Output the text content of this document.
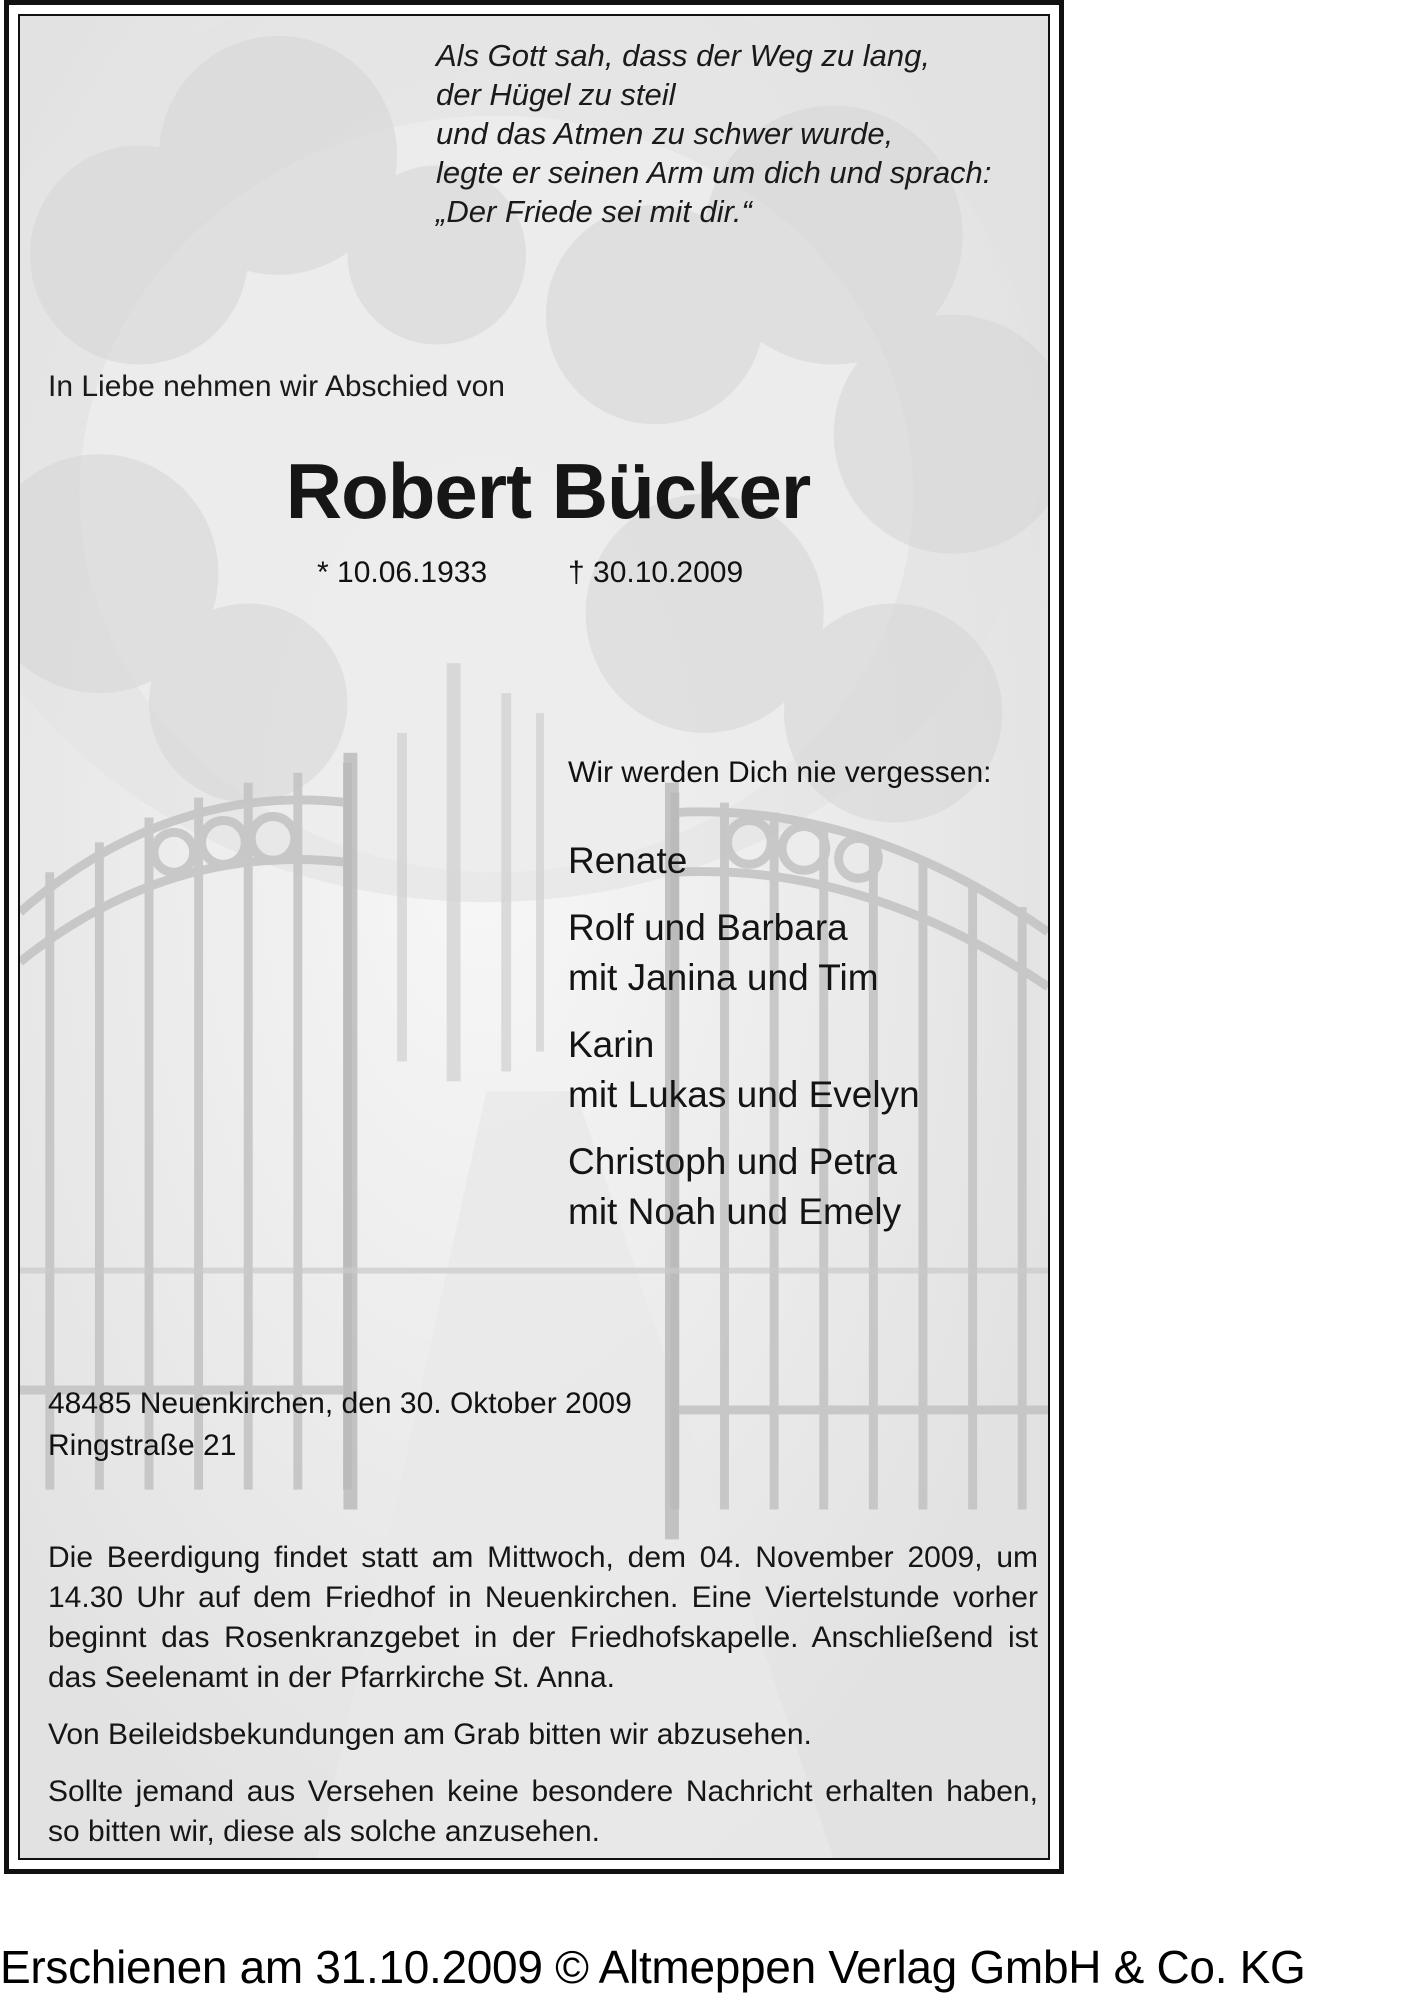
Als Gott sah, dass der Weg zu lang,
der Hügel zu steil
und das Atmen zu schwer wurde,
legte er seinen Arm um dich und sprach:
„Der Friede sei mit dir.“

In Liebe nehmen wir Abschied von

Robert Bücker

* 10.06.1933	† 30.10.2009

Wir werden Dich nie vergessen:

Renate
Rolf und Barbara
mit Janina und Tim
Karin
mit Lukas und Evelyn
Christoph und Petra
mit Noah und Emely
48485 Neuenkirchen, den 30. Oktober 2009
Ringstraße 21

Die Beerdigung findet statt am Mittwoch, dem 04. November 2009, um 14.30 Uhr auf dem Friedhof in Neuenkirchen. Eine Viertelstunde vorher beginnt das Rosenkranzgebet in der Friedhofskapelle. Anschließend ist das Seelenamt in der Pfarrkirche St. Anna.

Von Beileidsbekundungen am Grab bitten wir abzusehen.

Sollte jemand aus Versehen keine besondere Nachricht erhalten haben, so bitten wir, diese als solche anzusehen.

Erschienen am 31.10.2009 © Altmeppen Verlag GmbH & Co. KG
